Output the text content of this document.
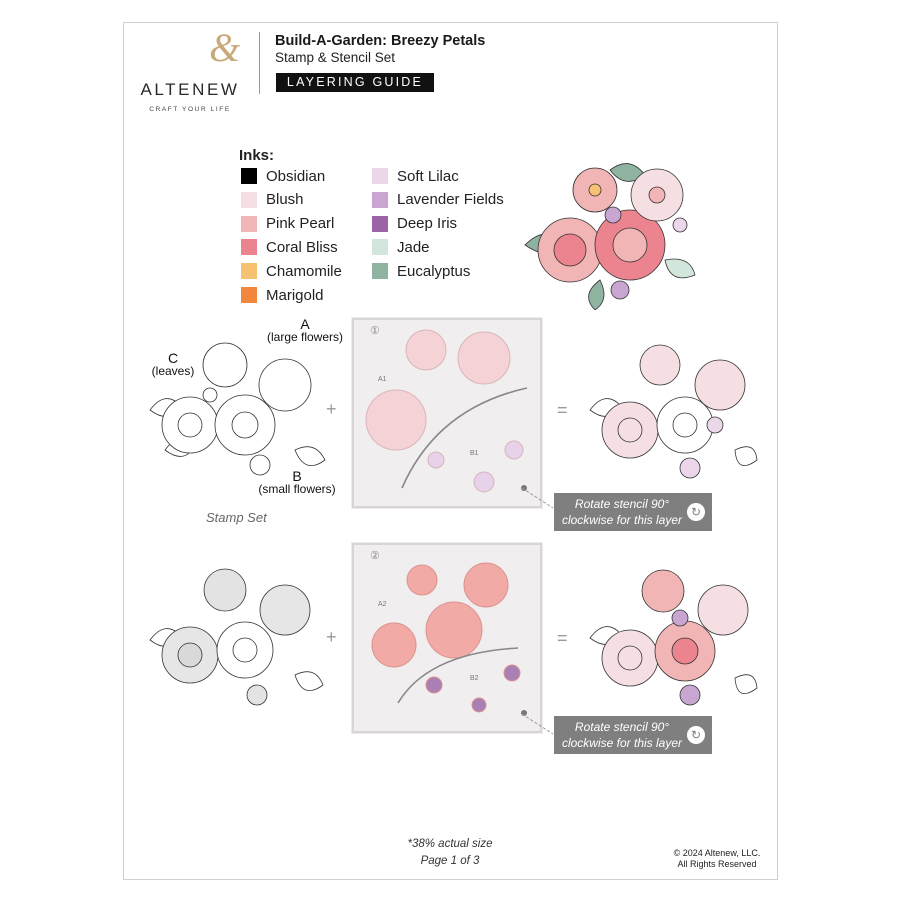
& ALTENEW
CRAFT YOUR LIFE
Build-A-Garden: Breezy Petals
Stamp & Stencil Set
LAYERING GUIDE
Inks:
Obsidian
Blush
Pink Pearl
Coral Bliss
Chamomile
Marigold
Soft Lilac
Lavender Fields
Deep Iris
Jade
Eucalyptus
A
(large flowers)
C
(leaves)
B
(small flowers)
Stamp Set
+
①
A1
B1
=
Rotate stencil 90°
clockwise for this layer
↻
+
②
A2
B2
=
Rotate stencil 90°
clockwise for this layer
↻
*38% actual size
Page 1 of 3
© 2024 Altenew, LLC.
All Rights Reserved
